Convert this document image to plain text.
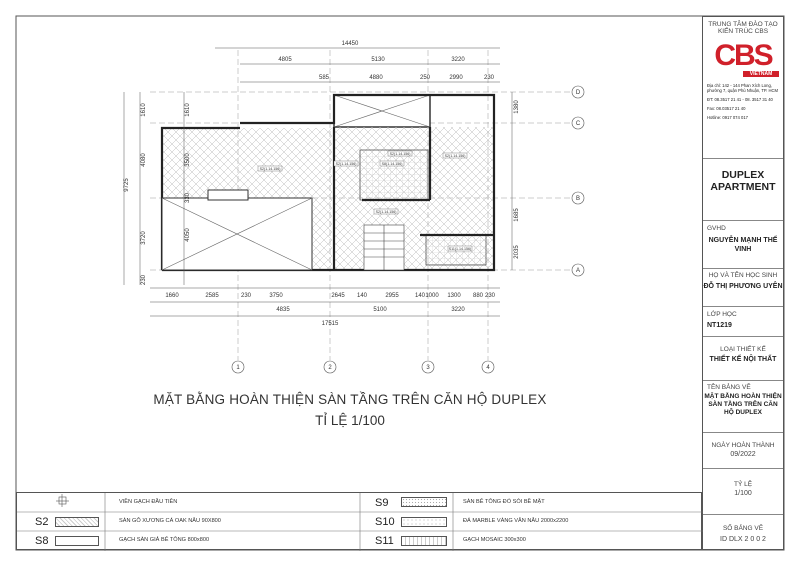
14450
4805	5130	3220
585	4880	250	2990	230
1660	2585	230	3750	2645 140	2955	140 1000 1300 880 230
4835	5100	3220
17515
1610
4080
3720
230
9725
1610
3500
330
4050
1380
1685
2035
1	2	3	4
D
C
B
A
S2(1.14.156)
S2(1.14.156)
S8(1.14.156)
S2(1.14.156)
S2(1.14.156)
S2(1.14.156)
S11(1.14.156)
MẶT BẰNG HOÀN THIỆN SÀN TẦNG TRÊN CĂN HỘ DUPLEX
TỈ LỆ 1/100
TRUNG TÂM ĐÀO TẠO
KIẾN TRÚC CBS
CBS
VIETNAM
Địa chỉ: 142 - 144 Phan Xích Long, phường 7, quận Phú Nhuận, TP. HCM
ĐT: 08.3517 21 41 - 08. 3517 31 40
Fax: 08.03517 21 40
Hotline: 0917 074 017
DUPLEX APARTMENT
GVHD
NGUYỄN MẠNH THẾ VINH
HỌ VÀ TÊN HỌC SINH
ĐỖ THỊ PHƯƠNG UYÊN
LỚP HỌC
NT1219
LOẠI THIẾT KẾ
THIẾT KẾ NỘI THẤT
TÊN BẢNG VẼ
MẶT BẰNG HOÀN THIỆN SÀN TẦNG TRÊN CĂN HỘ DUPLEX
NGÀY HOÀN THÀNH
09/2022
TỶ LỆ
1/100
SỐ BẢNG VẼ
ID DLX 2 0 0 2
VIỀN GẠCH ĐẦU TIÊN
S2	SÀN GỖ XƯƠNG CÁ OAK NÂU 90X800
S8	GẠCH SÀN GIẢ BÊ TÔNG 800x800
S9	SÀN BÊ TÔNG ĐỔ SỎI BỀ MẶT
S10	ĐÁ MARBLE VÀNG VÂN NÂU 2000x2200
S11	GẠCH MOSAIC 300x300
